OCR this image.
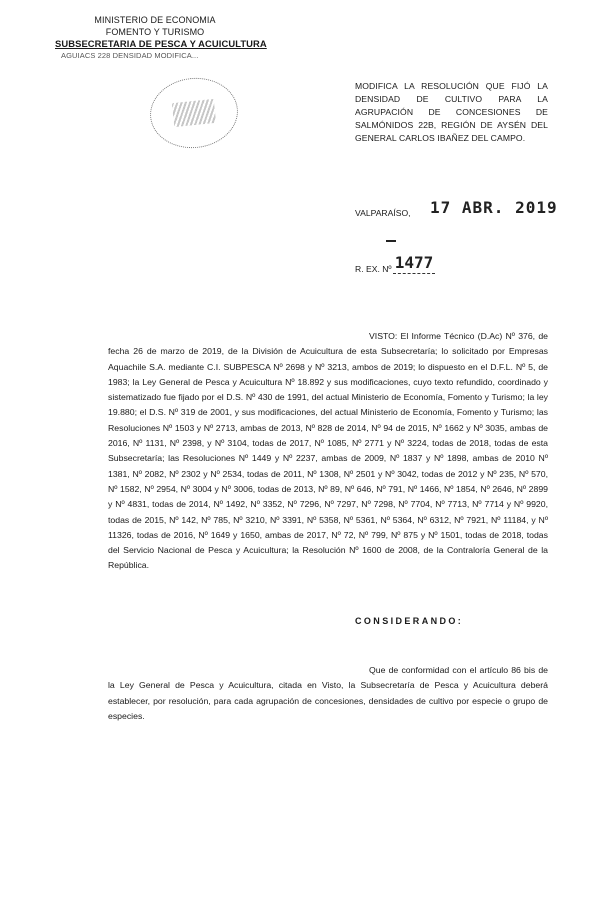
MINISTERIO DE ECONOMIA
FOMENTO Y TURISMO
SUBSECRETARIA DE PESCA Y ACUICULTURA
AGUIACS 228 DENSIDAD MODIFICA...
MODIFICA LA RESOLUCIÓN QUE FIJÓ LA DENSIDAD DE CULTIVO PARA LA AGRUPACIÓN DE CONCESIONES DE SALMÓNIDOS 22B, REGIÓN DE AYSÉN DEL GENERAL CARLOS IBAÑEZ DEL CAMPO.
VALPARAÍSO, 17 ABR. 2019
R. EX. Nº 1477
VISTO: El Informe Técnico (D.Ac) Nº 376, de fecha 26 de marzo de 2019, de la División de Acuicultura de esta Subsecretaría; lo solicitado por Empresas Aquachile S.A. mediante C.I. SUBPESCA Nº 2698 y Nº 3213, ambos de 2019; lo dispuesto en el D.F.L. Nº 5, de 1983; la Ley General de Pesca y Acuicultura Nº 18.892 y sus modificaciones, cuyo texto refundido, coordinado y sistematizado fue fijado por el D.S. Nº 430 de 1991, del actual Ministerio de Economía, Fomento y Turismo; la ley 19.880; el D.S. Nº 319 de 2001, y sus modificaciones, del actual Ministerio de Economía, Fomento y Turismo; las Resoluciones Nº 1503 y Nº 2713, ambas de 2013, Nº 828 de 2014, Nº 94 de 2015, Nº 1662 y Nº 3035, ambas de 2016, Nº 1131, Nº 2398, y Nº 3104, todas de 2017, Nº 1085, Nº 2771 y Nº 3224, todas de 2018, todas de esta Subsecretaría; las Resoluciones Nº 1449 y Nº 2237, ambas de 2009, Nº 1837 y Nº 1898, ambas de 2010 Nº 1381, Nº 2082, Nº 2302 y Nº 2534, todas de 2011, Nº 1308, Nº 2501 y Nº 3042, todas de 2012 y Nº 235, Nº 570, Nº 1582, Nº 2954, Nº 3004 y Nº 3006, todas de 2013, Nº 89, Nº 646, Nº 791, Nº 1466, Nº 1854, Nº 2646, Nº 2899 y Nº 4831, todas de 2014, Nº 1492, Nº 3352, Nº 7296, Nº 7297, Nº 7298, Nº 7704, Nº 7713, Nº 7714 y Nº 9920, todas de 2015, Nº 142, Nº 785, Nº 3210, Nº 3391, Nº 5358, Nº 5361, Nº 5364, Nº 6312, Nº 7921, Nº 11184, y Nº 11326, todas de 2016, Nº 1649 y 1650, ambas de 2017, Nº 72, Nº 799, Nº 875 y Nº 1501, todas de 2018, todas del Servicio Nacional de Pesca y Acuicultura; la Resolución Nº 1600 de 2008, de la Contraloría General de la República.
CONSIDERANDO:
Que de conformidad con el artículo 86 bis de la Ley General de Pesca y Acuicultura, citada en Visto, la Subsecretaría de Pesca y Acuicultura deberá establecer, por resolución, para cada agrupación de concesiones, densidades de cultivo por especie o grupo de especies.
